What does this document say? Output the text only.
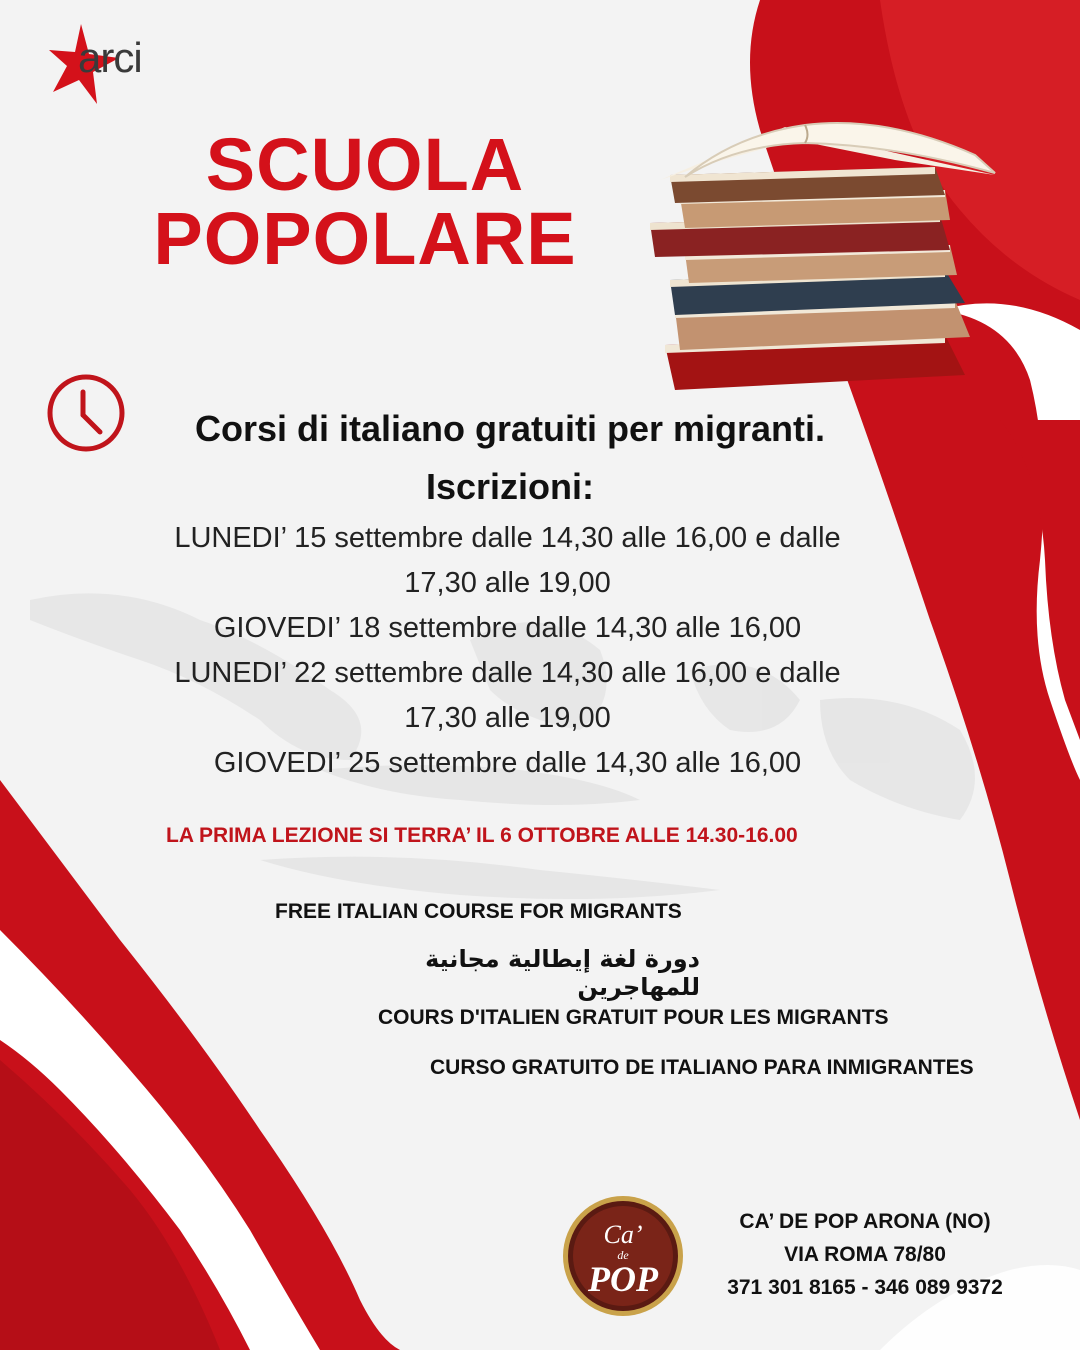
arci
SCUOLA
POPOLARE
Corsi di italiano gratuiti per migranti.
Iscrizioni:
LUNEDI’ 15 settembre dalle 14,30 alle 16,00 e dalle
17,30 alle 19,00
GIOVEDI’ 18 settembre dalle 14,30 alle 16,00
LUNEDI’ 22 settembre dalle 14,30 alle 16,00 e dalle
17,30 alle 19,00
GIOVEDI’ 25 settembre dalle 14,30 alle 16,00
LA PRIMA LEZIONE SI TERRA’ IL 6 OTTOBRE ALLE 14.30-16.00
FREE ITALIAN COURSE FOR MIGRANTS
دورة لغة إيطالية مجانية للمهاجرين
COURS D'ITALIEN GRATUIT POUR LES MIGRANTS
CURSO GRATUITO DE ITALIANO PARA INMIGRANTES
Ca’
de
POP
CA’ DE POP ARONA (NO)
VIA ROMA 78/80
371 301 8165 - 346 089 9372
